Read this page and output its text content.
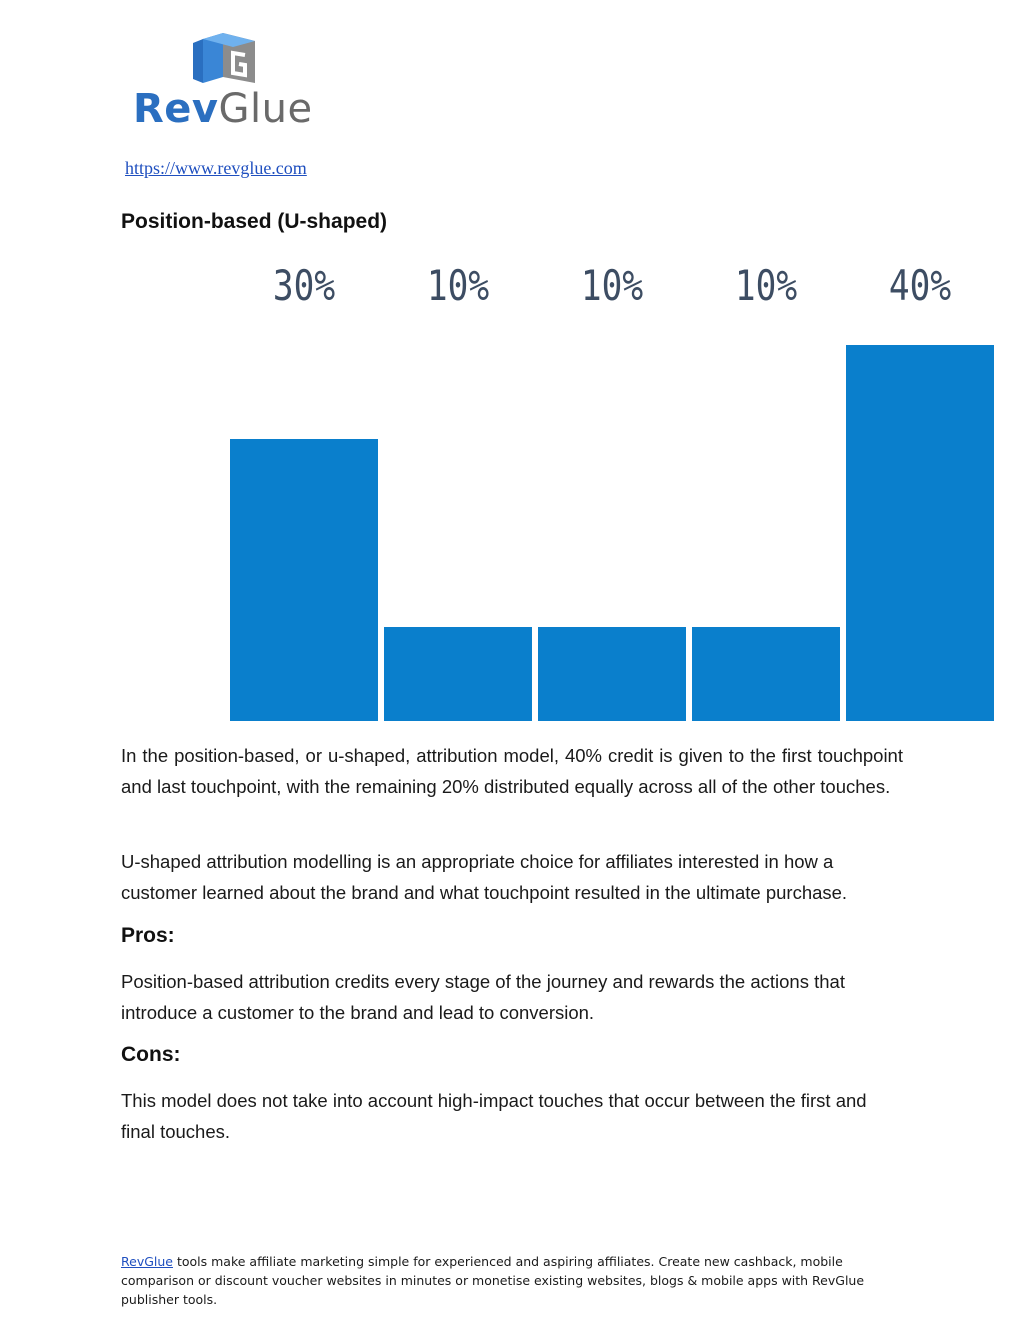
RevGlue
https://www.revglue.com
Position-based (U-shaped)
30% 10% 10% 10% 40%

In the position-based, or u-shaped, attribution model, 40% credit is given to the first touchpoint and last touchpoint, with the remaining 20% distributed equally across all of the other touches.

U-shaped attribution modelling is an appropriate choice for affiliates interested in how a customer learned about the brand and what touchpoint resulted in the ultimate purchase.

Pros:

Position-based attribution credits every stage of the journey and rewards the actions that introduce a customer to the brand and lead to conversion.

Cons:

This model does not take into account high-impact touches that occur between the first and final touches.

RevGlue tools make affiliate marketing simple for experienced and aspiring affiliates. Create new cashback, mobile comparison or discount voucher websites in minutes or monetise existing websites, blogs & mobile apps with RevGlue publisher tools.
